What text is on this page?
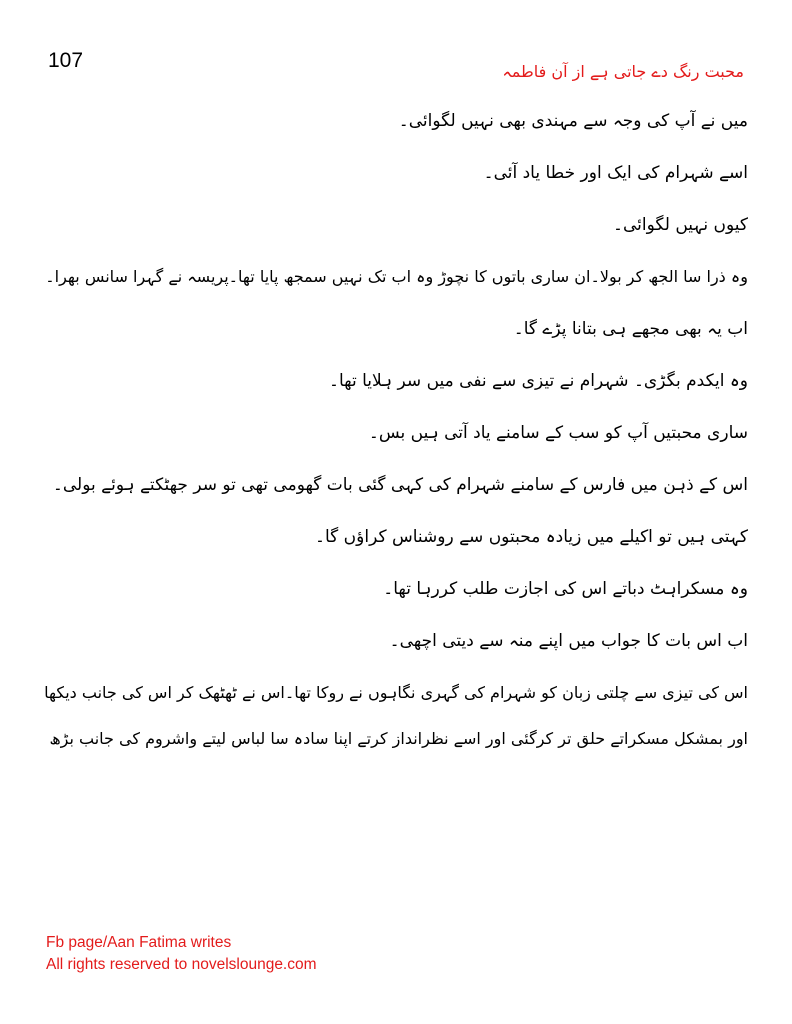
107	محبت رنگ دے جاتی ہے از آن فاطمہ

میں نے آپ کی وجہ سے مہندی بھی نہیں لگوائی۔

اسے شہرام کی ایک اور خطا یاد آئی۔

کیوں نہیں لگوائی۔

وہ ذرا سا الجھ کر بولا۔ان ساری باتوں کا نچوڑ وہ اب تک نہیں سمجھ پایا تھا۔پریسہ نے گہرا سانس بھرا۔

اب یہ بھی مجھے ہی بتانا پڑے گا۔

وہ ایکدم بگڑی۔ شہرام نے تیزی سے نفی میں سر ہلایا تھا۔

ساری محبتیں آپ کو سب کے سامنے یاد آتی ہیں بس۔

اس کے ذہن میں فارس کے سامنے شہرام کی کہی گئی بات گھومی تھی تو سر جھٹکتے ہوئے بولی۔

کہتی ہیں تو اکیلے میں زیادہ محبتوں سے روشناس کراؤں گا۔

وہ مسکراہٹ دباتے اس کی اجازت طلب کررہا تھا۔

اب اس بات کا جواب میں اپنے منہ سے دیتی اچھی۔

اس کی تیزی سے چلتی زبان کو شہرام کی گہری نگاہوں نے روکا تھا۔اس نے ٹھٹھک کر اس کی جانب دیکھا

اور بمشکل مسکراتے حلق تر کرگئی اور اسے نظرانداز کرتے اپنا سادہ سا لباس لیتے واشروم کی جانب بڑھ

Fb page/Aan Fatima writes
All rights reserved to novelslounge.com
